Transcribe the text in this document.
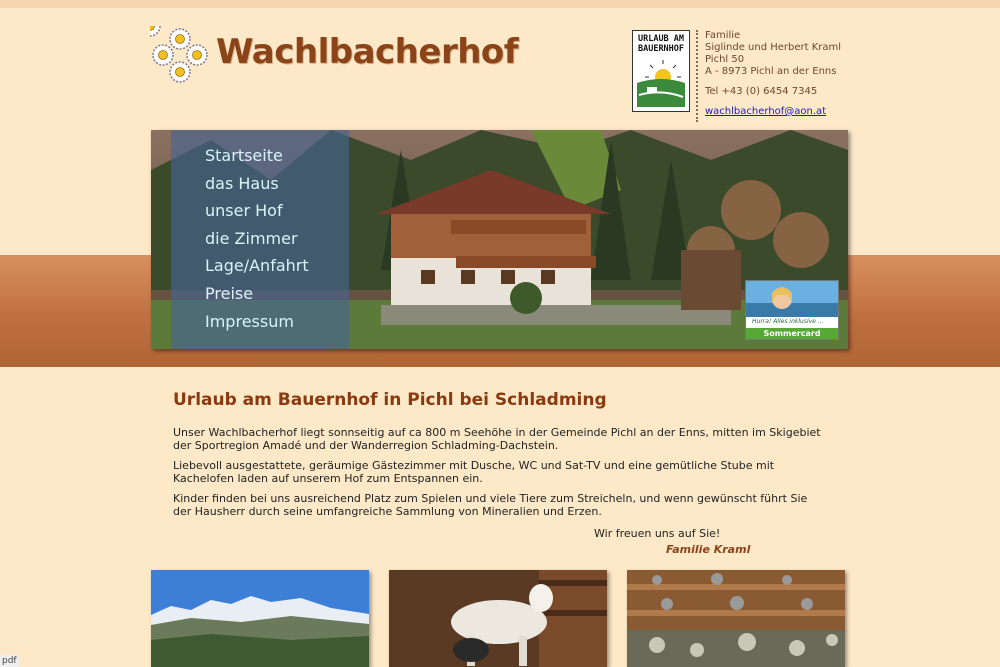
Wachlbacherhof	URLAUB AM BAUERNHOF
Familie
Siglinde und Herbert Kraml
Pichl 50
A - 8973 Pichl an der Enns
Tel +43 (0) 6454 7345
wachlbacherhof@aon.at
Startseite
das Haus
unser Hof
die Zimmer
Lage/Anfahrt
Preise
Impressum	Hurra! Alles inklusive ...
Sommercard
Urlaub am Bauernhof in Pichl bei Schladming
Unser Wachlbacherhof liegt sonnseitig auf ca 800 m Seehöhe in der Gemeinde Pichl an der Enns, mitten im Skigebiet der Sportregion Amadé und der Wanderregion Schladming-Dachstein.
Liebevoll ausgestattete, geräumige Gästezimmer mit Dusche, WC und Sat-TV und eine gemütliche Stube mit Kachelofen laden auf unserem Hof zum Entspannen ein.
Kinder finden bei uns ausreichend Platz zum Spielen und viele Tiere zum Streicheln, und wenn gewünscht führt Sie der Hausherr durch seine umfangreiche Sammlung von Mineralien und Erzen.
Wir freuen uns auf Sie!
Familie Kraml
pdf
